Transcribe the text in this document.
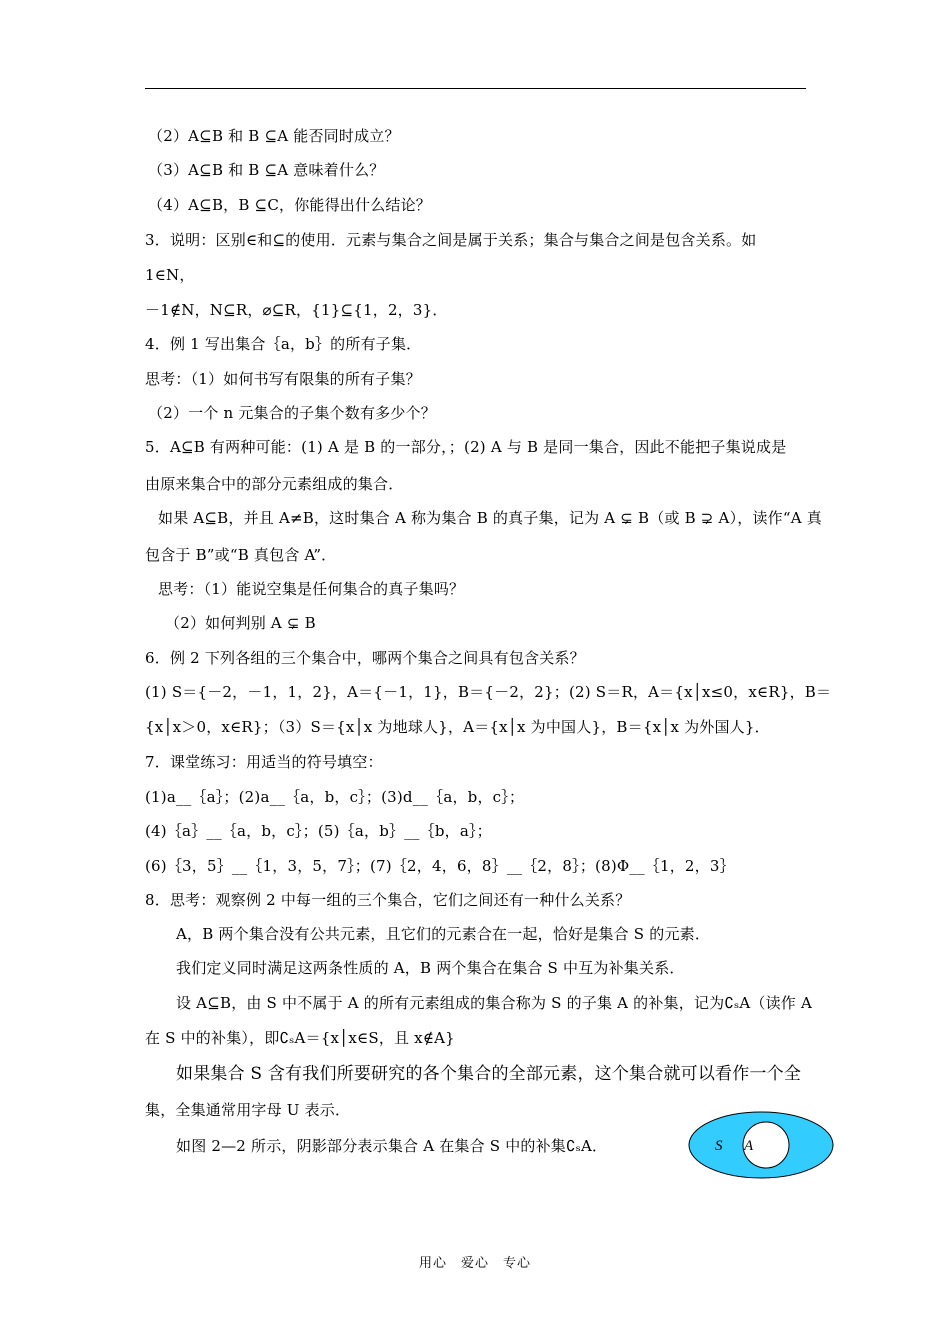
（2）A⊆B 和 B ⊆A 能否同时成立？
（3）A⊆B 和 B ⊆A 意味着什么？
（4）A⊆B，B ⊆C，你能得出什么结论？
3．说明：区别∈和⊆的使用．元素与集合之间是属于关系；集合与集合之间是包含关系。如
1∈N，
－1∉N，N⊆R，⌀⊆R，{1}⊆{1，2，3}．
4．例 1 写出集合｛a，b｝的所有子集．
思考：（1）如何书写有限集的所有子集？
（2）一个 n 元集合的子集个数有多少个？
5．A⊆B 有两种可能：(1) A 是 B 的一部分，；(2) A 与 B 是同一集合，因此不能把子集说成是
由原来集合中的部分元素组成的集合．
如果 A⊆B，并且 A≠B，这时集合 A 称为集合 B 的真子集，记为 A ⊊ B（或 B ⊋ A），读作“A 真
包含于 B”或“B 真包含 A”．
思考：（1）能说空集是任何集合的真子集吗？
（2）如何判别 A ⊊ B
6．例 2 下列各组的三个集合中，哪两个集合之间具有包含关系？
(1) S＝{－2，－1，1，2}，A＝{－1，1}，B＝{－2，2}；(2) S＝R，A＝{x│x≤0，x∈R}，B＝
{x│x＞0，x∈R}；（3）S＝{x│x 为地球人}，A＝{x│x 为中国人}，B＝{x│x 为外国人}．
7．课堂练习：用适当的符号填空：
(1)a__｛a｝；(2)a__｛a，b，c｝；(3)d__｛a，b，c｝；
(4)｛a｝__｛a，b，c｝；(5)｛a，b｝__｛b，a｝；
(6)｛3，5｝__｛1，3，5，7｝；(7)｛2，4，6，8｝__｛2，8｝；(8)Φ__｛1，2，3｝
8．思考：观察例 2 中每一组的三个集合，它们之间还有一种什么关系？
A，B 两个集合没有公共元素，且它们的元素合在一起，恰好是集合 S 的元素．
我们定义同时满足这两条性质的 A，B 两个集合在集合 S 中互为补集关系．
设 A⊆B，由 S 中不属于 A 的所有元素组成的集合称为 S 的子集 A 的补集，记为∁ₛA（读作 A
在 S 中的补集），即∁ₛA＝{x│x∈S，且 x∉A}
如果集合 S 含有我们所要研究的各个集合的全部元素，这个集合就可以看作一个全
集，全集通常用字母 U 表示．
如图 2—2 所示，阴影部分表示集合 A 在集合 S 中的补集∁ₛA．	S A
用心　爱心　专心
